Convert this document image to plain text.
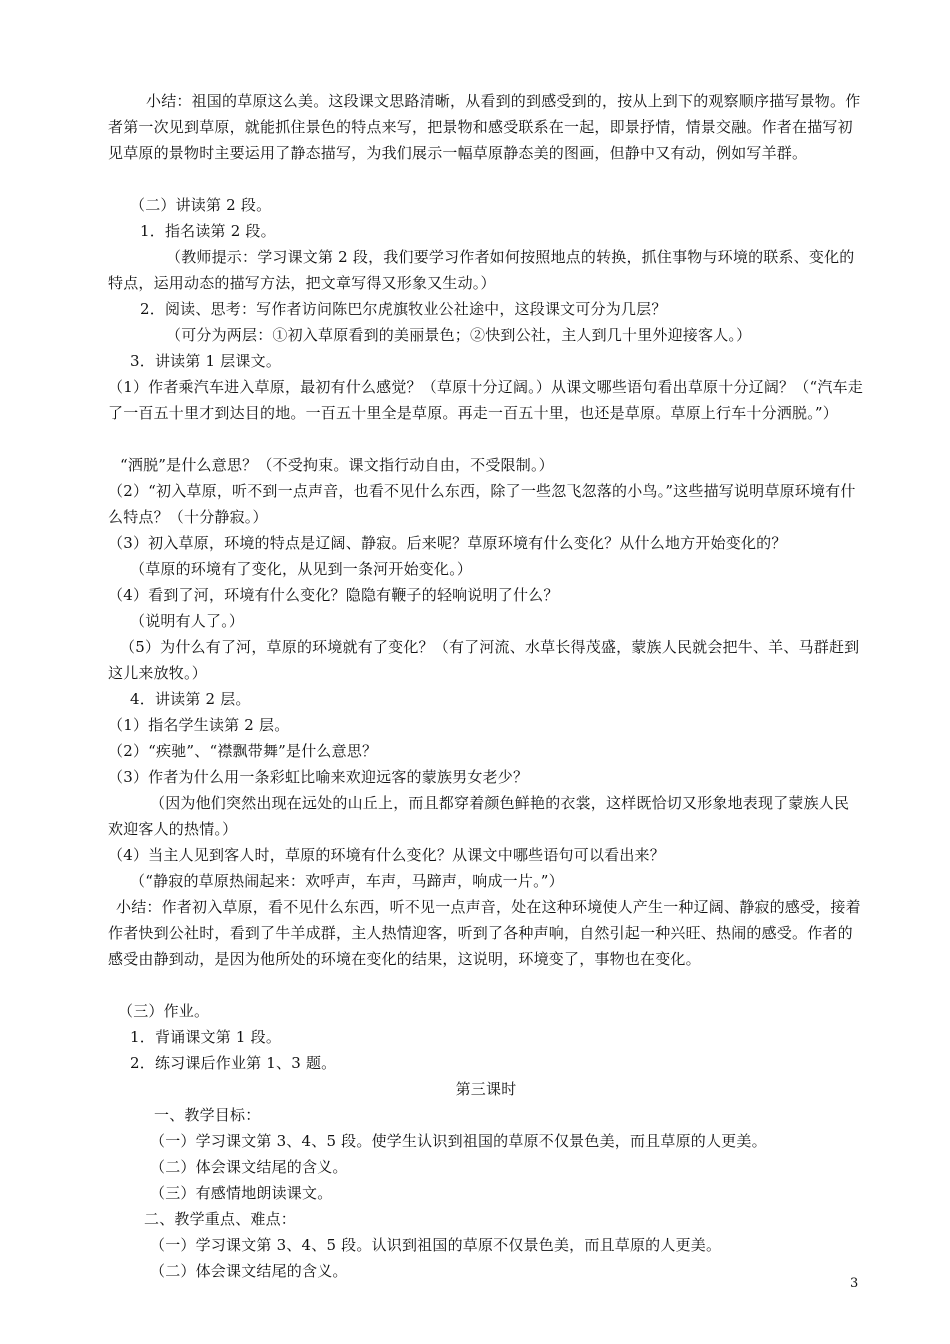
小结：祖国的草原这么美。这段课文思路清晰，从看到的到感受到的，按从上到下的观察顺序描写景物。作者第一次见到草原，就能抓住景色的特点来写，把景物和感受联系在一起，即景抒情，情景交融。作者在描写初见草原的景物时主要运用了静态描写，为我们展示一幅草原静态美的图画，但静中又有动，例如写羊群。

（二）讲读第 2 段。

1．指名读第 2 段。

（教师提示：学习课文第 2 段，我们要学习作者如何按照地点的转换，抓住事物与环境的联系、变化的特点，运用动态的描写方法，把文章写得又形象又生动。）

2．阅读、思考：写作者访问陈巴尔虎旗牧业公社途中，这段课文可分为几层？

（可分为两层：①初入草原看到的美丽景色；②快到公社，主人到几十里外迎接客人。）

3．讲读第 1 层课文。

（1）作者乘汽车进入草原，最初有什么感觉？（草原十分辽阔。）从课文哪些语句看出草原十分辽阔？（“汽车走了一百五十里才到达目的地。一百五十里全是草原。再走一百五十里，也还是草原。草原上行车十分洒脱。”）

“洒脱”是什么意思？（不受拘束。课文指行动自由，不受限制。）

（2）“初入草原，听不到一点声音，也看不见什么东西，除了一些忽飞忽落的小鸟。”这些描写说明草原环境有什么特点？（十分静寂。）

（3）初入草原，环境的特点是辽阔、静寂。后来呢？草原环境有什么变化？从什么地方开始变化的？

（草原的环境有了变化，从见到一条河开始变化。）

（4）看到了河，环境有什么变化？隐隐有鞭子的轻响说明了什么？

（说明有人了。）

（5）为什么有了河，草原的环境就有了变化？（有了河流、水草长得茂盛，蒙族人民就会把牛、羊、马群赶到这儿来放牧。）

4．讲读第 2 层。

（1）指名学生读第 2 层。

（2）“疾驰”、“襟飘带舞”是什么意思？

（3）作者为什么用一条彩虹比喻来欢迎远客的蒙族男女老少？

（因为他们突然出现在远处的山丘上，而且都穿着颜色鲜艳的衣裳，这样既恰切又形象地表现了蒙族人民欢迎客人的热情。）

（4）当主人见到客人时，草原的环境有什么变化？从课文中哪些语句可以看出来？

（“静寂的草原热闹起来：欢呼声，车声，马蹄声，响成一片。”）

小结：作者初入草原，看不见什么东西，听不见一点声音，处在这种环境使人产生一种辽阔、静寂的感受，接着作者快到公社时，看到了牛羊成群，主人热情迎客，听到了各种声响，自然引起一种兴旺、热闹的感受。作者的感受由静到动，是因为他所处的环境在变化的结果，这说明，环境变了，事物也在变化。

（三）作业。

1．背诵课文第 1 段。

2．练习课后作业第 1、3 题。

第三课时

一、教学目标：

（一）学习课文第 3、4、5 段。使学生认识到祖国的草原不仅景色美，而且草原的人更美。

（二）体会课文结尾的含义。

（三）有感情地朗读课文。

二、教学重点、难点：

（一）学习课文第 3、4、5 段。认识到祖国的草原不仅景色美，而且草原的人更美。

（二）体会课文结尾的含义。

3
